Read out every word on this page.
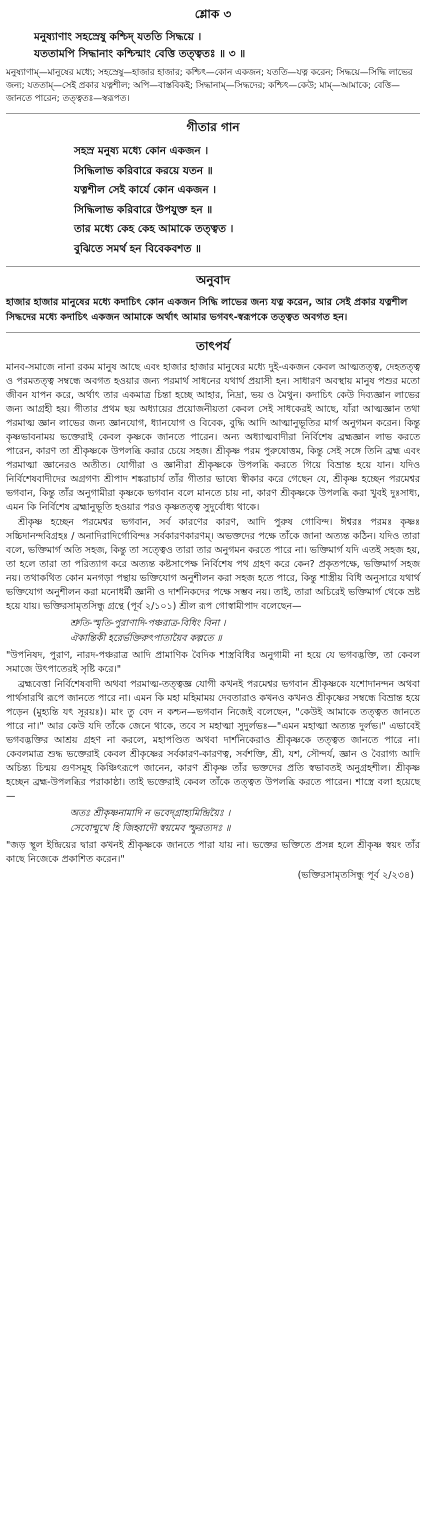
শ্লোক ৩
মনুষ্যাণাং সহস্রেষু কশ্চিদ্ যততি সিদ্ধয়ে ।
যততামপি সিদ্ধানাং কশ্চিন্মাং বেত্তি তত্ত্বতঃ ॥ ৩ ॥
মনুষ্যাণাম্—মানুষের মধ্যে; সহস্রেষু—হাজার হাজার; কশ্চিৎ—কোন একজন; যততি—যত্ন করেন; সিদ্ধয়ে—সিদ্ধি লাভের জন্য; যততাম্—সেই প্রকার যত্নশীল; অপি—বাস্তবিকই; সিদ্ধানাম্—সিদ্ধদের; কশ্চিৎ—কেউ; মাম্—আমাকে; বেত্তি—জানতে পারেন; তত্ত্বতঃ—স্বরূপত।
গীতার গান
সহস্র মনুষ্য মধ্যে কোন একজন ।
সিদ্ধিলাভ করিবারে করয়ে যতন ॥
যত্নশীল সেই কার্যে কোন একজন ।
সিদ্ধিলাভ করিবারে উপযুক্ত হন ॥
তার মধ্যে কেহ কেহ আমাকে তত্ত্বত ।
বুঝিতে সমর্থ হন বিবেকবশত ॥
অনুবাদ
হাজার হাজার মানুষের মধ্যে কদাচিৎ কোন একজন সিদ্ধি লাভের জন্য যত্ন করেন, আর সেই প্রকার যত্নশীল সিদ্ধদের মধ্যে কদাচিৎ একজন আমাকে অর্থাৎ আমার ভগবৎ-স্বরূপকে তত্ত্বত অবগত হন।
তাৎপর্য

মানব-সমাজে নানা রকম মানুষ আছে এবং হাজার হাজার মানুষের মধ্যে দুই-একজন কেবল আত্মতত্ত্ব, দেহতত্ত্ব ও পরমতত্ত্ব সম্বন্ধে অবগত হওয়ার জন্য পরমার্থ সাধনের যথার্থ প্রয়াসী হন। সাধারণ অবস্থায় মানুষ পশুর মতো জীবন যাপন করে, অর্থাৎ তার একমাত্র চিন্তা হচ্ছে আহার, নিদ্রা, ভয় ও মৈথুন। কদাচিৎ কেউ দিব্যজ্ঞান লাভের জন্য আগ্রহী হয়। গীতার প্রথম ছয় অধ্যায়ের প্রয়োজনীয়তা কেবল সেই সাধকেরই আছে, যাঁরা আত্মজ্ঞান তথা পরমাত্ম জ্ঞান লাভের জন্য জ্ঞানযোগ, ধ্যানযোগ ও বিবেক, বুদ্ধি আদি আত্মানুভূতির মার্গ অনুগমন করেন। কিন্তু কৃষ্ণভাবনাময় ভক্তেরাই কেবল কৃষ্ণকে জানতে পারেন। অন্য অধ্যাত্মবাদীরা নির্বিশেষ ব্রহ্মজ্ঞান লাভ করতে পারেন, কারণ তা শ্রীকৃষ্ণকে উপলব্ধি করার চেয়ে সহজ। শ্রীকৃষ্ণ পরম পুরুষোত্তম, কিন্তু সেই সঙ্গে তিনি ব্রহ্ম এবং পরমাত্মা জ্ঞানেরও অতীত। যোগীরা ও জ্ঞানীরা শ্রীকৃষ্ণকে উপলব্ধি করতে গিয়ে বিভ্রান্ত হয়ে যান। যদিও নির্বিশেষবাদীদের অগ্রগণ্য শ্রীপাদ শঙ্করাচার্য তাঁর গীতার ভাষ্যে স্বীকার করে গেছেন যে, শ্রীকৃষ্ণ হচ্ছেন পরমেশ্বর ভগবান, কিন্তু তাঁর অনুগামীরা কৃষ্ণকে ভগবান বলে মানতে চায় না, কারণ শ্রীকৃষ্ণকে উপলব্ধি করা খুবই দুঃসাধ্য, এমন কি নির্বিশেষ ব্রহ্মানুভূতি হওয়ার পরও কৃষ্ণতত্ত্ব সুদুর্বোধ্য থাকে।

শ্রীকৃষ্ণ হচ্ছেন পরমেশ্বর ভগবান, সর্ব কারণের কারণ, আদি পুরুষ গোবিন্দ। ঈশ্বরঃ পরমঃ কৃষ্ণঃ সচ্চিদানন্দবিগ্রহঃ / অনাদিরাদির্গোবিন্দঃ সর্বকারণকারণম্। অভক্তদের পক্ষে তাঁকে জানা অত্যন্ত কঠিন। যদিও তারা বলে, ভক্তিমার্গ অতি সহজ, কিন্তু তা সত্ত্বেও তারা তার অনুগমন করতে পারে না। ভক্তিমার্গ যদি এতই সহজ হয়, তা হলে তারা তা পরিত্যাগ করে অত্যন্ত কষ্টসাপেক্ষ নির্বিশেষ পথ গ্রহণ করে কেন? প্রকৃতপক্ষে, ভক্তিমার্গ সহজ নয়। তথাকথিত কোন মনগড়া পন্থায় ভক্তিযোগ অনুশীলন করা সহজ হতে পারে, কিন্তু শাস্ত্রীয় বিধি অনুসারে যথার্থ ভক্তিযোগ অনুশীলন করা মনোধর্মী জ্ঞানী ও দার্শনিকদের পক্ষে সম্ভব নয়। তাই, তারা অচিরেই ভক্তিমার্গ থেকে ভ্রষ্ট হয়ে যায়। ভক্তিরসামৃতসিন্ধু গ্রন্থে (পূর্ব ২/১০১) শ্রীল রূপ গোস্বামীপাদ বলেছেন—

শ্রুতি-স্মৃতি-পুরাণাদি-পঞ্চরাত্র-বিধিং বিনা ।
ঐকান্তিকী হরের্ভক্তিরুৎপাতায়ৈব কল্পতে ॥

"উপনিষদ, পুরাণ, নারদ-পঞ্চরাত্র আদি প্রামাণিক বৈদিক শাস্ত্রবিধির অনুগামী না হয়ে যে ভগবদ্ভক্তি, তা কেবল সমাজে উৎপাতেরই সৃষ্টি করে।"

ব্রহ্মবেত্তা নির্বিশেষবাদী অথবা পরমাত্ম-তত্ত্বজ্ঞ যোগী কখনই পরমেশ্বর ভগবান শ্রীকৃষ্ণকে যশোদানন্দন অথবা পার্থসারথি রূপে জানতে পারে না। এমন কি মহা মহিমাময় দেবতারাও কখনও কখনও শ্রীকৃষ্ণের সম্বন্ধে বিভ্রান্ত হয়ে পড়েন (মুহ্যন্তি যৎ সূরয়ঃ)। মাং তু বেদ ন কশ্চন—ভগবান নিজেই বলেছেন, "কেউই আমাকে তত্ত্বত জানতে পারে না।" আর কেউ যদি তাঁকে জেনে থাকে, তবে স মহাত্মা সুদুর্লভঃ—"এমন মহাত্মা অত্যন্ত দুর্লভ।" এভাবেই ভগবদ্ভক্তির আশ্রয় গ্রহণ না করলে, মহাপণ্ডিত অথবা দার্শনিকেরাও শ্রীকৃষ্ণকে তত্ত্বত জানতে পারে না। কেবলমাত্র শুদ্ধ ভক্তেরাই কেবল শ্রীকৃষ্ণের সর্বকারণ-কারণত্ব, সর্বশক্তি, শ্রী, যশ, সৌন্দর্য, জ্ঞান ও বৈরাগ্য আদি অচিন্ত্য চিন্ময় গুণসমূহ কিঞ্চিৎরূপে জানেন, কারণ শ্রীকৃষ্ণ তাঁর ভক্তদের প্রতি স্বভাবতই অনুগ্রহশীল। শ্রীকৃষ্ণ হচ্ছেন ব্রহ্ম-উপলব্ধির পরাকাষ্ঠা। তাই ভক্তেরাই কেবল তাঁকে তত্ত্বত উপলব্ধি করতে পারেন। শাস্ত্রে বলা হয়েছে—

অতঃ শ্রীকৃষ্ণনামাদি ন ভবেদ্গ্রাহ্যমিন্দ্রিয়ৈঃ ।
সেবোন্মুখে হি জিহ্বাদৌ স্বয়মেব স্ফুরত্যদঃ ॥

"জড় স্থূল ইন্দ্রিয়ের দ্বারা কখনই শ্রীকৃষ্ণকে জানতে পারা যায় না। ভক্তের ভক্তিতে প্রসন্ন হলে শ্রীকৃষ্ণ স্বয়ং তাঁর কাছে নিজেকে প্রকাশিত করেন।"

(ভক্তিরসামৃতসিন্ধু পূর্ব ২/২৩৪)
